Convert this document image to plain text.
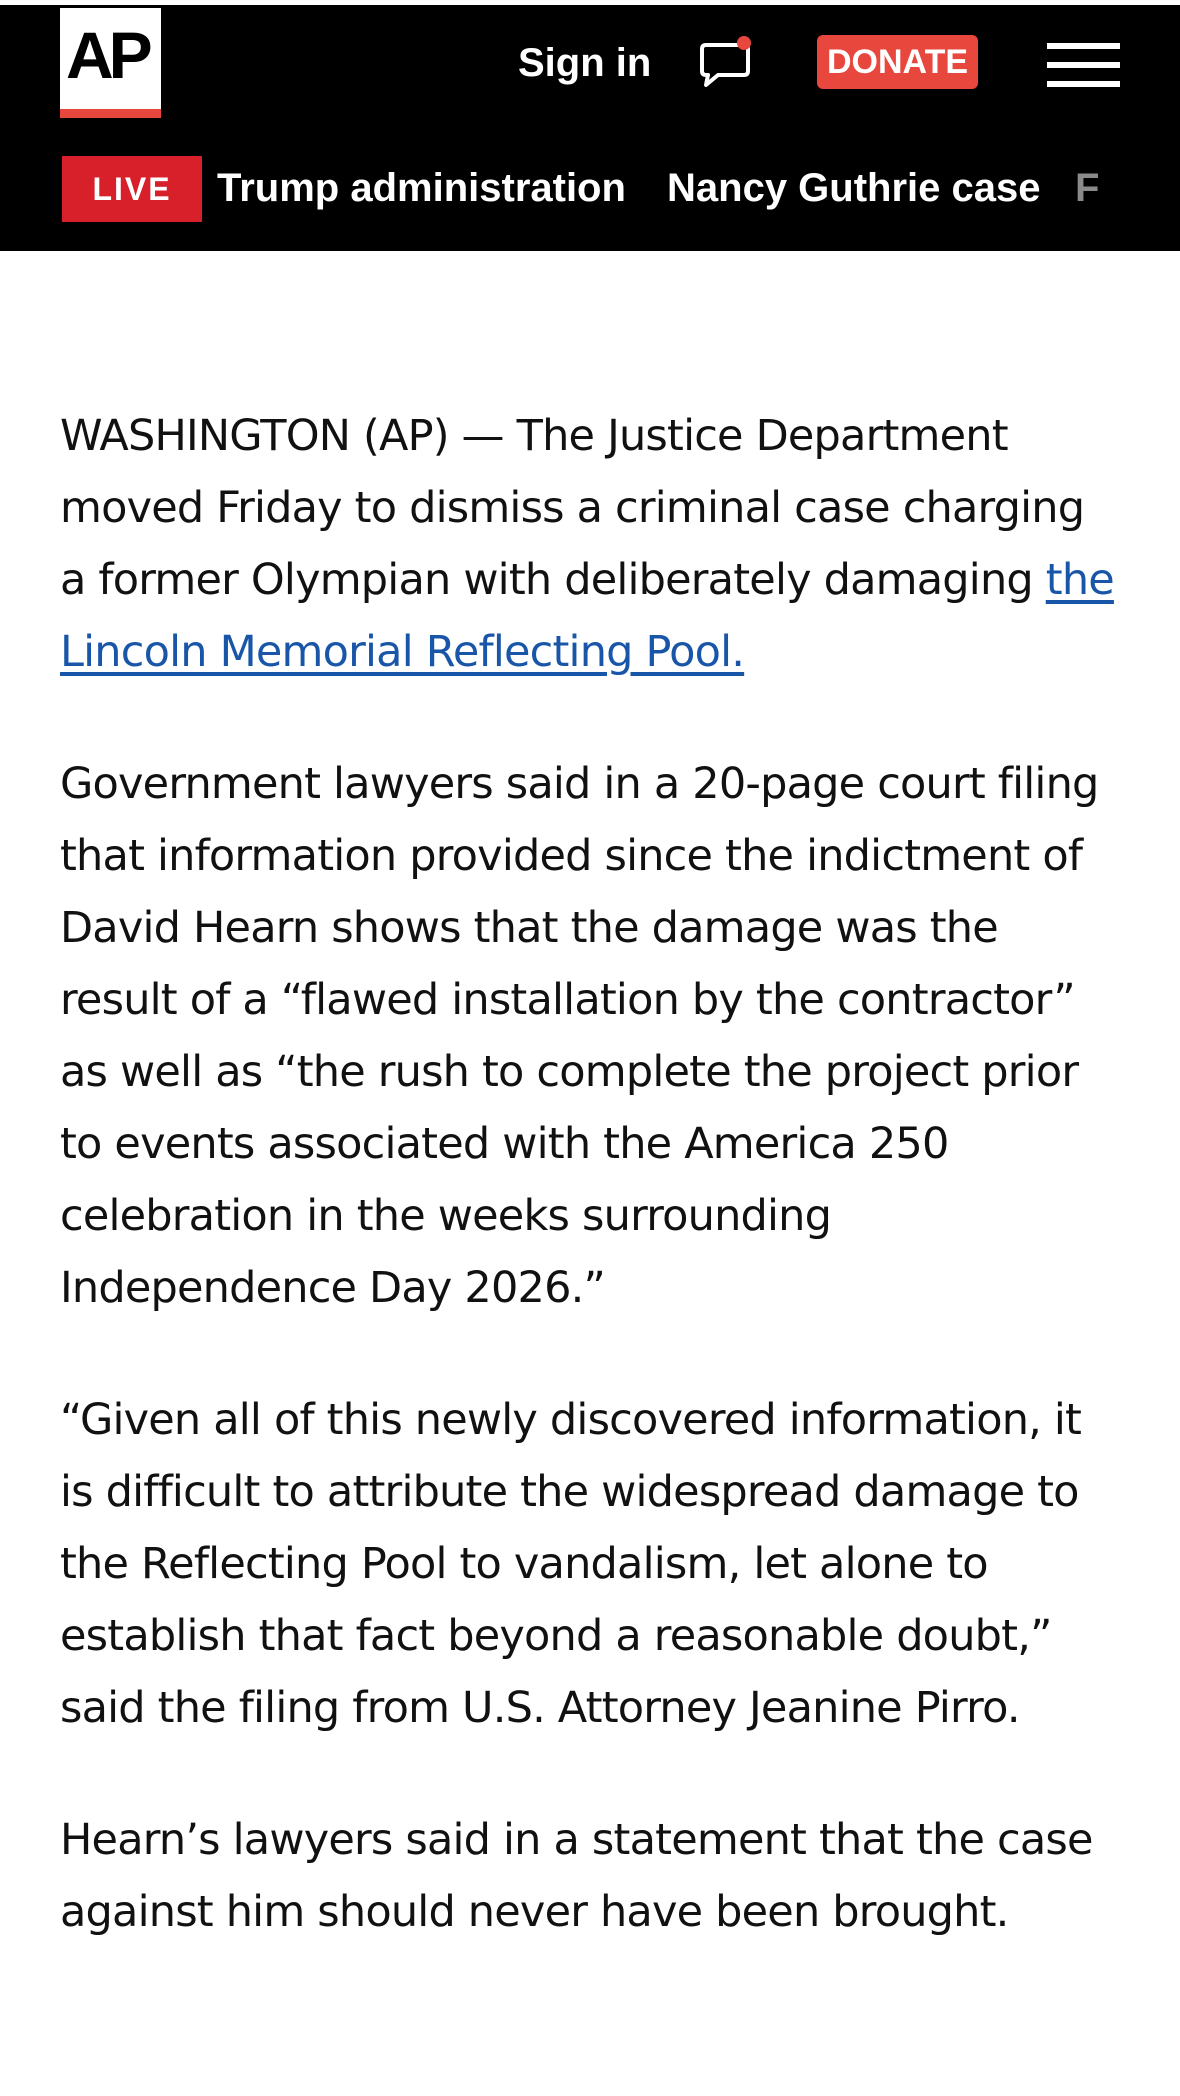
AP	Sign in	DONATE
LIVE	Trump administration Nancy Guthrie case F

WASHINGTON (AP) — The Justice Department moved Friday to dismiss a criminal case charging a former Olympian with deliberately damaging the Lincoln Memorial Reflecting Pool.

Government lawyers said in a 20-page court filing that information provided since the indictment of David Hearn shows that the damage was the result of a “flawed installation by the contractor” as well as “the rush to complete the project prior to events associated with the America 250 celebration in the weeks surrounding Independence Day 2026.”

“Given all of this newly discovered information, it is difficult to attribute the widespread damage to the Reflecting Pool to vandalism, let alone to establish that fact beyond a reasonable doubt,” said the filing from U.S. Attorney Jeanine Pirro.

Hearn’s lawyers said in a statement that the case against him should never have been brought.
